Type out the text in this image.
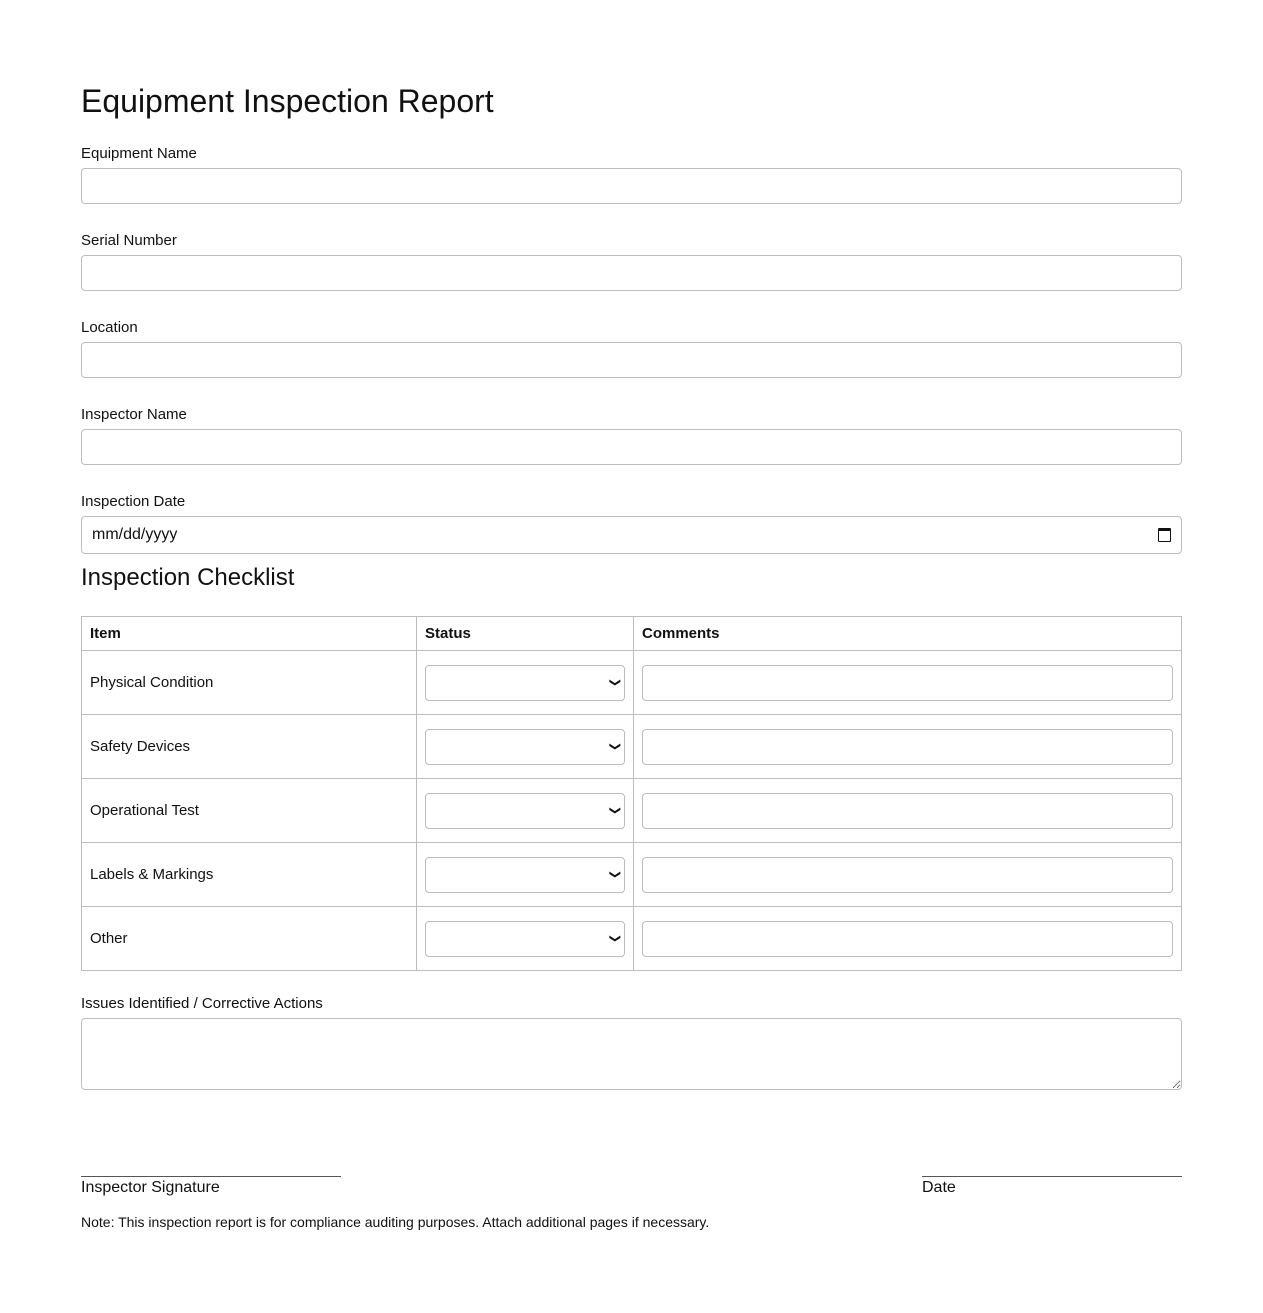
Equipment Inspection Report
Equipment Name
Serial Number
Location
Inspector Name
Inspection Date
mm/dd/yyyy
Inspection Checklist
Item	Status	Comments
Physical Condition	❯

Safety Devices	❯

Operational Test	❯

Labels & Markings	❯

Other	❯

Issues Identified / Corrective Actions
Inspector Signature	Date
Note: This inspection report is for compliance auditing purposes. Attach additional pages if necessary.
